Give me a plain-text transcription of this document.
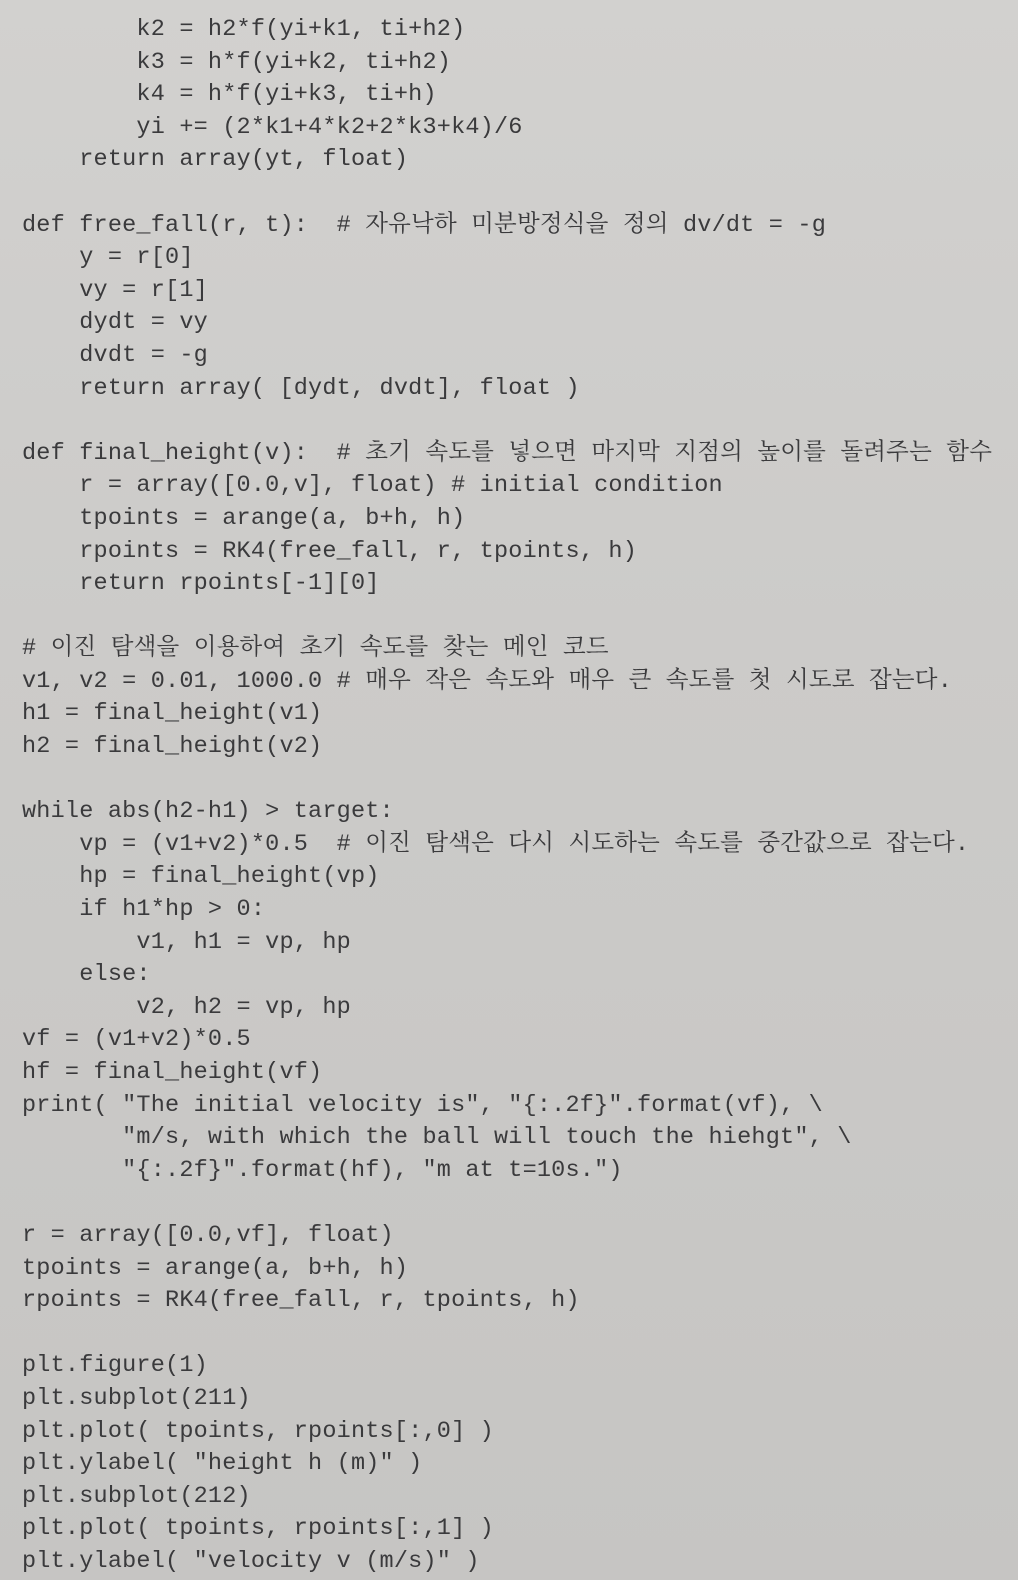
k2 = h2*f(yi+k1, ti+h2)
k3 = h*f(yi+k2, ti+h2)
k4 = h*f(yi+k3, ti+h)
yi += (2*k1+4*k2+2*k3+k4)/6
return array(yt, float)

def free_fall(r, t):  # 자유낙하 미분방정식을 정의 dv/dt = -g
y = r[0]
vy = r[1]
dydt = vy
dvdt = -g
return array( [dydt, dvdt], float )

def final_height(v):  # 초기 속도를 넣으면 마지막 지점의 높이를 돌려주는 함수
r = array([0.0,v], float) # initial condition
tpoints = arange(a, b+h, h)
rpoints = RK4(free_fall, r, tpoints, h)
return rpoints[-1][0]

# 이진 탐색을 이용하여 초기 속도를 찾는 메인 코드
v1, v2 = 0.01, 1000.0 # 매우 작은 속도와 매우 큰 속도를 첫 시도로 잡는다.
h1 = final_height(v1)
h2 = final_height(v2)

while abs(h2-h1) > target:
vp = (v1+v2)*0.5  # 이진 탐색은 다시 시도하는 속도를 중간값으로 잡는다.
hp = final_height(vp)
if h1*hp > 0:
v1, h1 = vp, hp
else:
v2, h2 = vp, hp
vf = (v1+v2)*0.5
hf = final_height(vf)
print( "The initial velocity is", "{:.2f}".format(vf), \
"m/s, with which the ball will touch the hiehgt", \
"{:.2f}".format(hf), "m at t=10s.")

r = array([0.0,vf], float)
tpoints = arange(a, b+h, h)
rpoints = RK4(free_fall, r, tpoints, h)

plt.figure(1)
plt.subplot(211)
plt.plot( tpoints, rpoints[:,0] )
plt.ylabel( "height h (m)" )
plt.subplot(212)
plt.plot( tpoints, rpoints[:,1] )
plt.ylabel( "velocity v (m/s)" )
